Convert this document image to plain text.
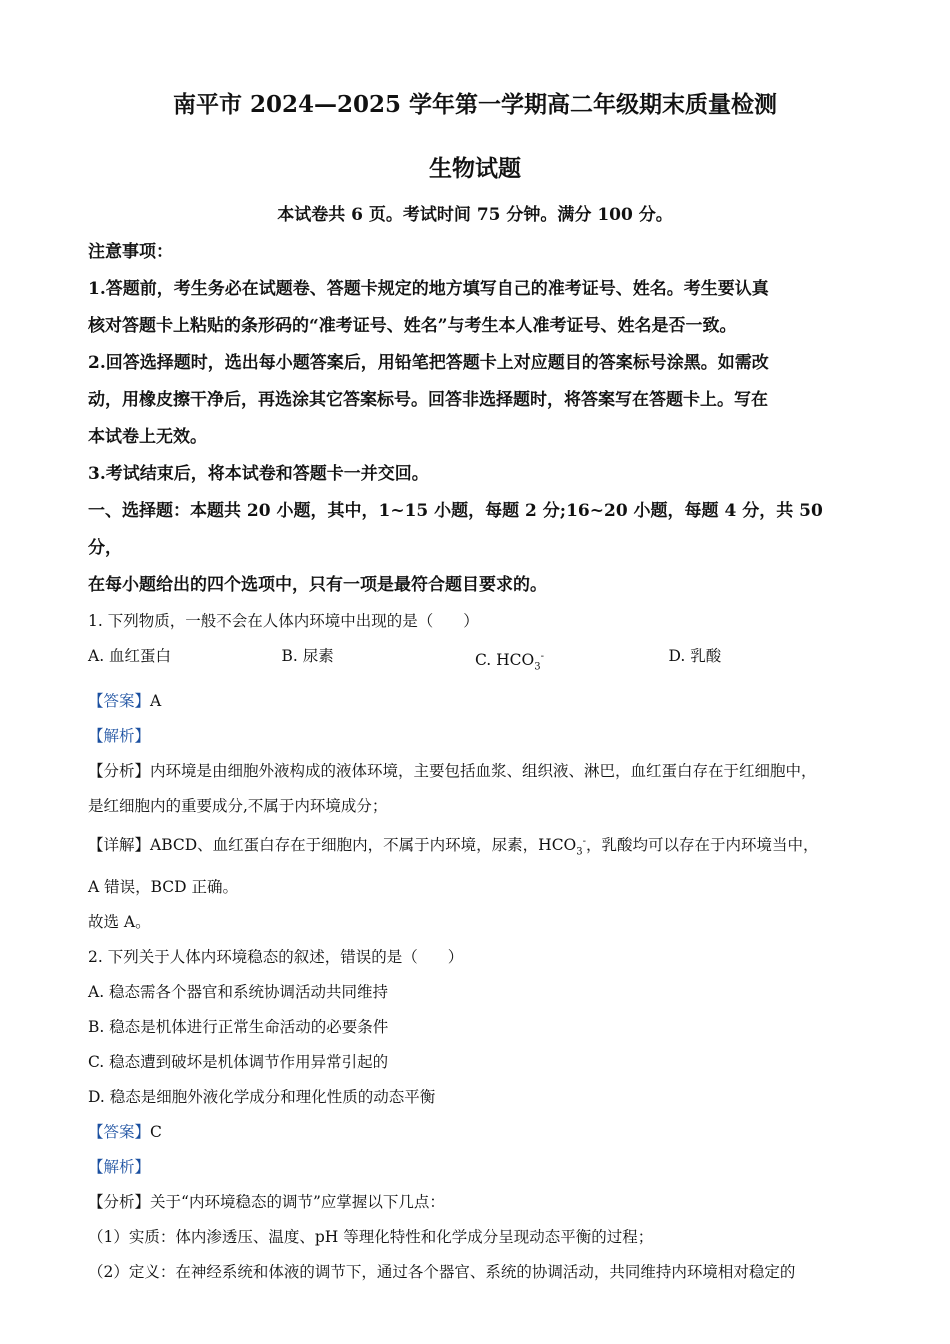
南平市 2024—2025 学年第一学期高二年级期末质量检测
生物试题
本试卷共 6 页。考试时间 75 分钟。满分 100 分。

注意事项：

1.答题前，考生务必在试题卷、答题卡规定的地方填写自己的准考证号、姓名。考生要认真

核对答题卡上粘贴的条形码的“准考证号、姓名”与考生本人准考证号、姓名是否一致。

2.回答选择题时，选出每小题答案后，用铅笔把答题卡上对应题目的答案标号涂黑。如需改

动，用橡皮擦干净后，再选涂其它答案标号。回答非选择题时，将答案写在答题卡上。写在

本试卷上无效。

3.考试结束后，将本试卷和答题卡一并交回。

一、选择题：本题共 20 小题，其中，1~15 小题，每题 2 分;16~20 小题，每题 4 分，共 50 分，

在每小题给出的四个选项中，只有一项是最符合题目要求的。

1. 下列物质，一般不会在人体内环境中出现的是（ ）

A. 血红蛋白	B. 尿素	C. $HCO_3^-$	D. 乳酸

【答案】A

【解析】

【分析】内环境是由细胞外液构成的液体环境，主要包括血浆、组织液、淋巴，血红蛋白存在于红细胞中，

是红细胞内的重要成分,不属于内环境成分；

【详解】ABCD、血红蛋白存在于细胞内，不属于内环境，尿素，$HCO_3^-$，乳酸均可以存在于内环境当中，

A 错误，BCD 正确。

故选 A。

2. 下列关于人体内环境稳态的叙述，错误的是（ ）

A. 稳态需各个器官和系统协调活动共同维持

B. 稳态是机体进行正常生命活动的必要条件

C. 稳态遭到破坏是机体调节作用异常引起的

D. 稳态是细胞外液化学成分和理化性质的动态平衡

【答案】C

【解析】

【分析】关于“内环境稳态的调节”应掌握以下几点：

（1）实质：体内渗透压、温度、pH 等理化特性和化学成分呈现动态平衡的过程；

（2）定义：在神经系统和体液的调节下，通过各个器官、系统的协调活动，共同维持内环境相对稳定的
